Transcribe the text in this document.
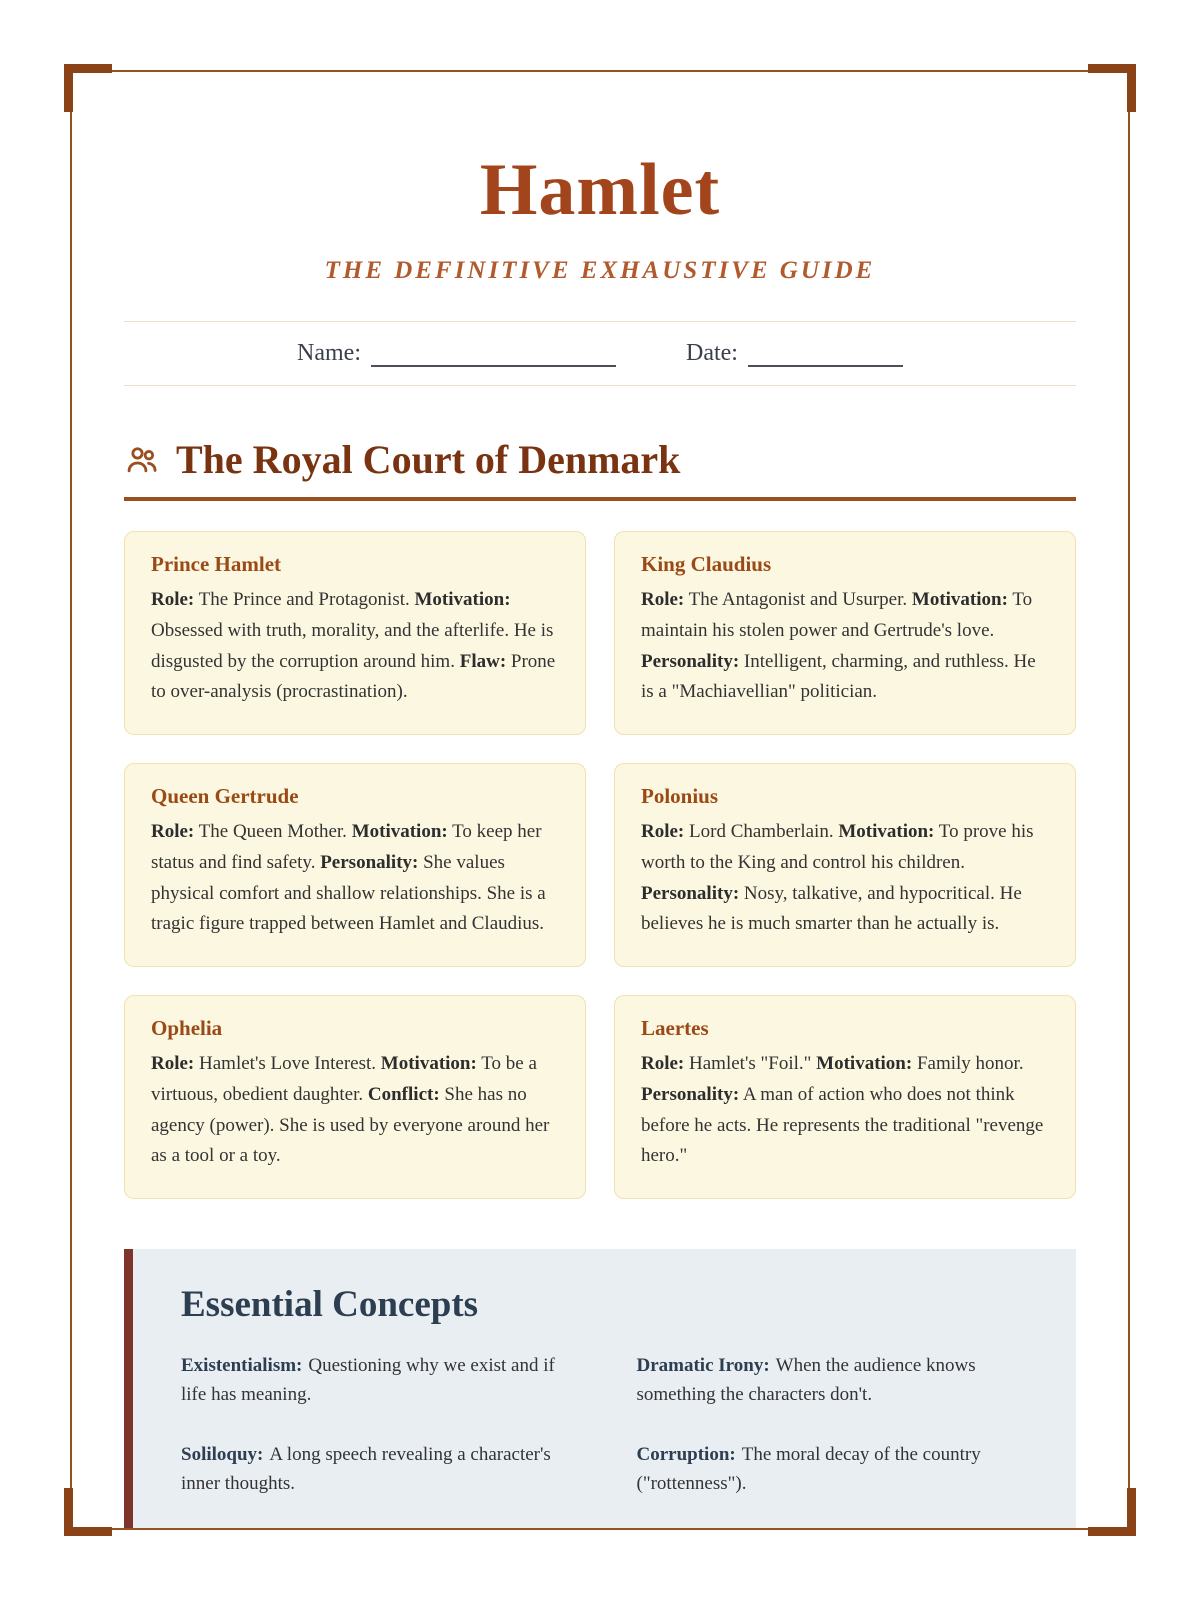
Hamlet
THE DEFINITIVE EXHAUSTIVE GUIDE
Name:	Date:
The Royal Court of Denmark
Prince Hamlet

Role: The Prince and Protagonist. Motivation: Obsessed with truth, morality, and the afterlife. He is disgusted by the corruption around him. Flaw: Prone to over-analysis (procrastination).

King Claudius

Role: The Antagonist and Usurper. Motivation: To maintain his stolen power and Gertrude's love. Personality: Intelligent, charming, and ruthless. He is a "Machiavellian" politician.

Queen Gertrude

Role: The Queen Mother. Motivation: To keep her status and find safety. Personality: She values physical comfort and shallow relationships. She is a tragic figure trapped between Hamlet and Claudius.

Polonius

Role: Lord Chamberlain. Motivation: To prove his worth to the King and control his children. Personality: Nosy, talkative, and hypocritical. He believes he is much smarter than he actually is.

Ophelia

Role: Hamlet's Love Interest. Motivation: To be a virtuous, obedient daughter. Conflict: She has no agency (power). She is used by everyone around her as a tool or a toy.

Laertes

Role: Hamlet's "Foil." Motivation: Family honor. Personality: A man of action who does not think before he acts. He represents the traditional "revenge hero."

Essential Concepts

Existentialism: Questioning why we exist and if life has meaning.

Dramatic Irony: When the audience knows something the characters don't.

Soliloquy: A long speech revealing a character's inner thoughts.

Corruption: The moral decay of the country ("rottenness").
